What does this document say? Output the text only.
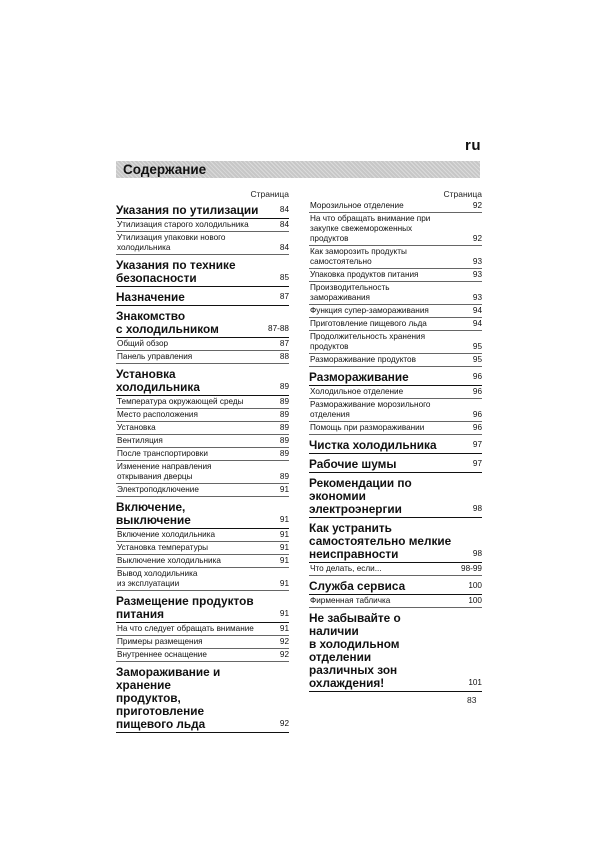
ru
Содержание
Страница
Указания по утилизации	84
Утилизация старого холодильника	84
Утилизация упаковки нового
холодильника	84
Указания по технике
безопасности	85
Назначение	87
Знакомство
с холодильником	87-88
Общий обзор	87
Панель управления	88
Установка холодильника	89
Температура окружающей среды	89
Место расположения	89
Установка	89
Вентиляция	89
После транспортировки	89
Изменение направления
открывания дверцы	89
Электроподключение	91
Включение, выключение	91
Включение холодильника	91
Установка температуры	91
Выключение холодильника	91
Вывод холодильника
из эксплуатации	91
Размещение продуктов
питания	91
На что следует обращать внимание	91
Примеры размещения	92
Внутреннее оснащение	92
Замораживание и хранение
продуктов, приготовление
пищевого льда	92
Страница
Морозильное отделение	92
На что обращать внимание при
закупке свежемороженных
продуктов	92
Как заморозить продукты
самостоятельно	93
Упаковка продуктов питания	93
Производительность
замораживания	93
Функция супер-замораживания	94
Приготовление пищевого льда	94
Продолжительность хранения
продуктов	95
Размораживание продуктов	95
Размораживание	96
Холодильное отделение	96
Размораживание морозильного
отделения	96
Помощь при размораживании	96
Чистка холодильника	97
Рабочие шумы	97
Рекомендации по экономии
электроэнергии	98
Как устранить
самостоятельно мелкие
неисправности	98
Что делать, если...	98-99
Служба сервиса	100
Фирменная табличка	100
Не забывайте о наличии
в холодильном отделении
различных зон
охлаждения!	101
83
